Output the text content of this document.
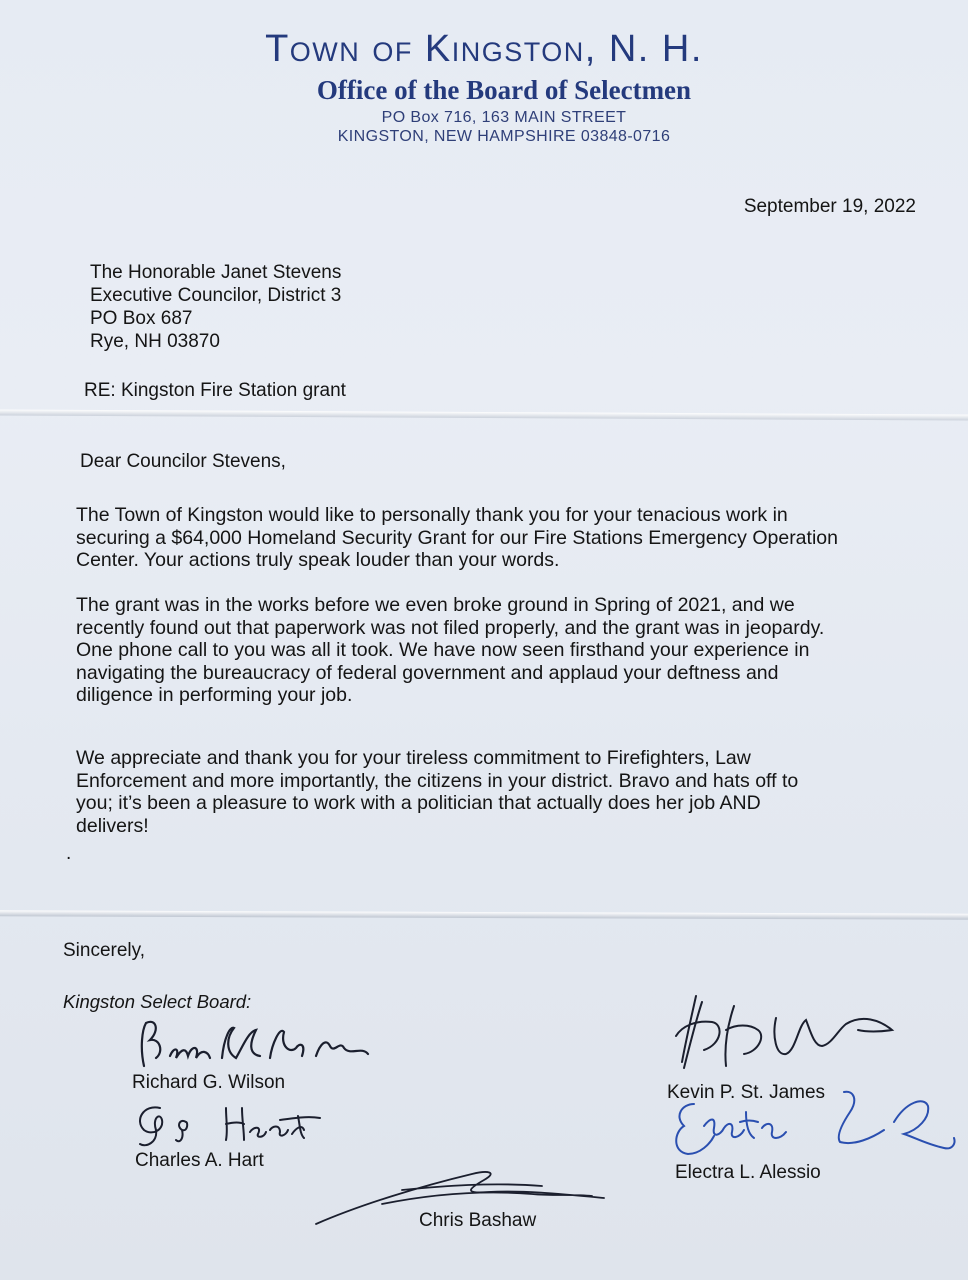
Town of Kingston, N. H.
Office of the Board of Selectmen
PO Box 716, 163 MAIN STREET
KINGSTON, NEW HAMPSHIRE 03848-0716
September 19, 2022
The Honorable Janet Stevens
Executive Councilor, District 3
PO Box 687
Rye, NH 03870
RE: Kingston Fire Station grant
Dear Councilor Stevens,
The Town of Kingston would like to personally thank you for your tenacious work in
securing a $64,000 Homeland Security Grant for our Fire Stations Emergency Operation
Center. Your actions truly speak louder than your words.
The grant was in the works before we even broke ground in Spring of 2021, and we
recently found out that paperwork was not filed properly, and the grant was in jeopardy.
One phone call to you was all it took. We have now seen firsthand your experience in
navigating the bureaucracy of federal government and applaud your deftness and
diligence in performing your job.
We appreciate and thank you for your tireless commitment to Firefighters, Law
Enforcement and more importantly, the citizens in your district. Bravo and hats off to
you; it’s been a pleasure to work with a politician that actually does her job AND
delivers!
.
Sincerely,
Kingston Select Board:
Richard G. Wilson
Charles A. Hart
Chris Bashaw
Kevin P. St. James
Electra L. Alessio
